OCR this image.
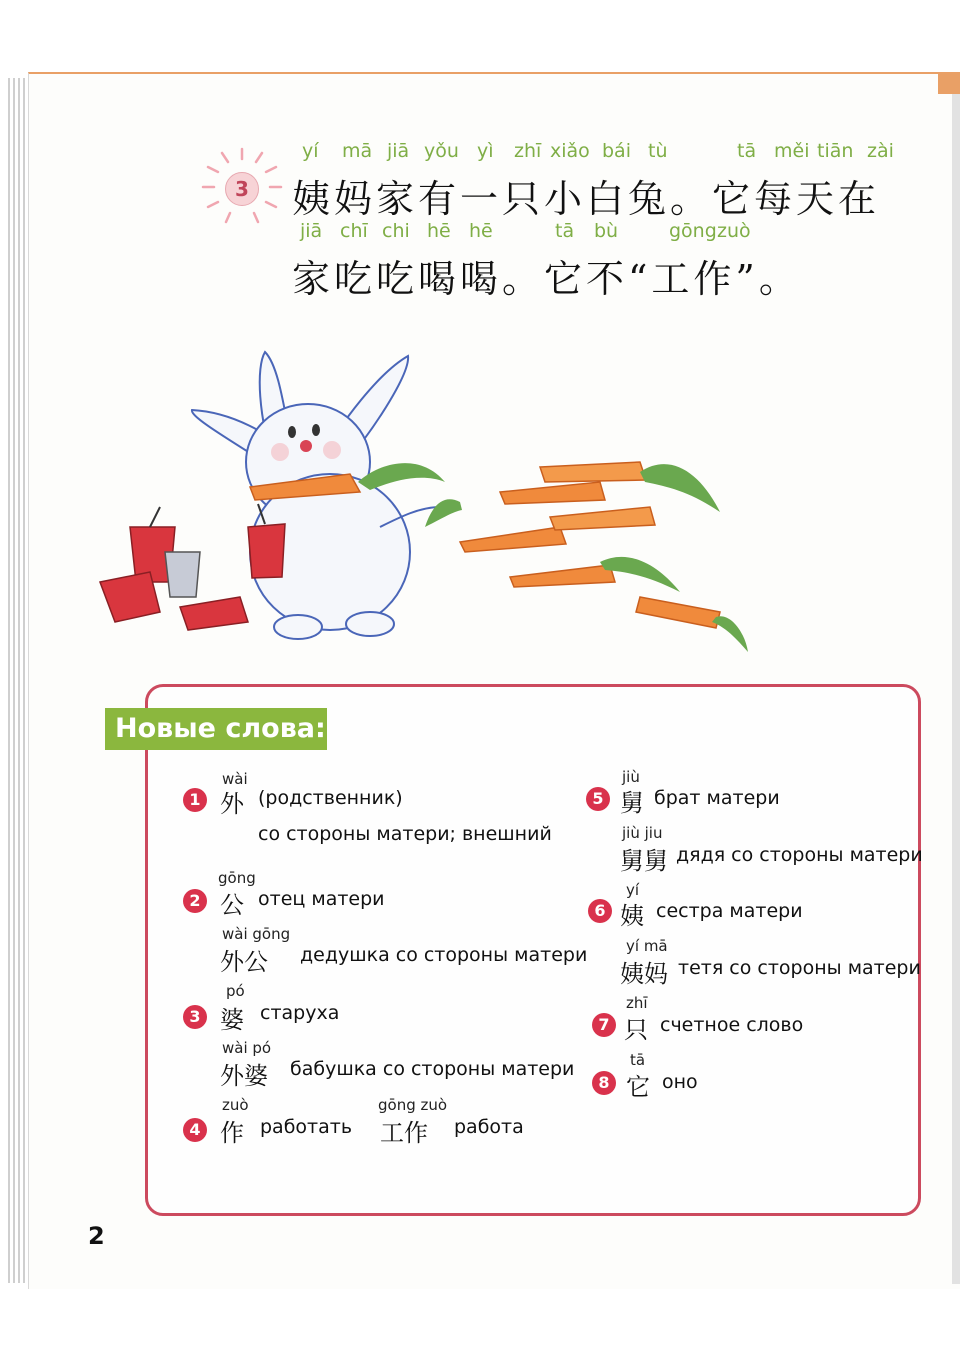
3
yí mā jiā yǒu yì zhī xiǎo bái tù	tā měi tiān zài
姨妈家有一只小白兔。它每天在
jiā chī chi hē hē	tā bù	gōng zuò
家吃吃喝喝。它不“工作”。
Новые слова:
wài
1 外 (родственник)
со стороны матери; внешний
gōng
2 公 отец матери
wài gōng
外公 дедушка со стороны матери
pó
3 婆 старуха
wài pó
外婆 бабушка со стороны матери
zuò
4 作 работать
gōng zuò
工作 работа
jiù
5 舅 брат матери
jiù jiu
舅舅 дядя со стороны матери
yí
6 姨 сестра матери
yí mā
姨妈 тетя со стороны матери
zhī
7 只 счетное слово
tā
8 它 оно
2
